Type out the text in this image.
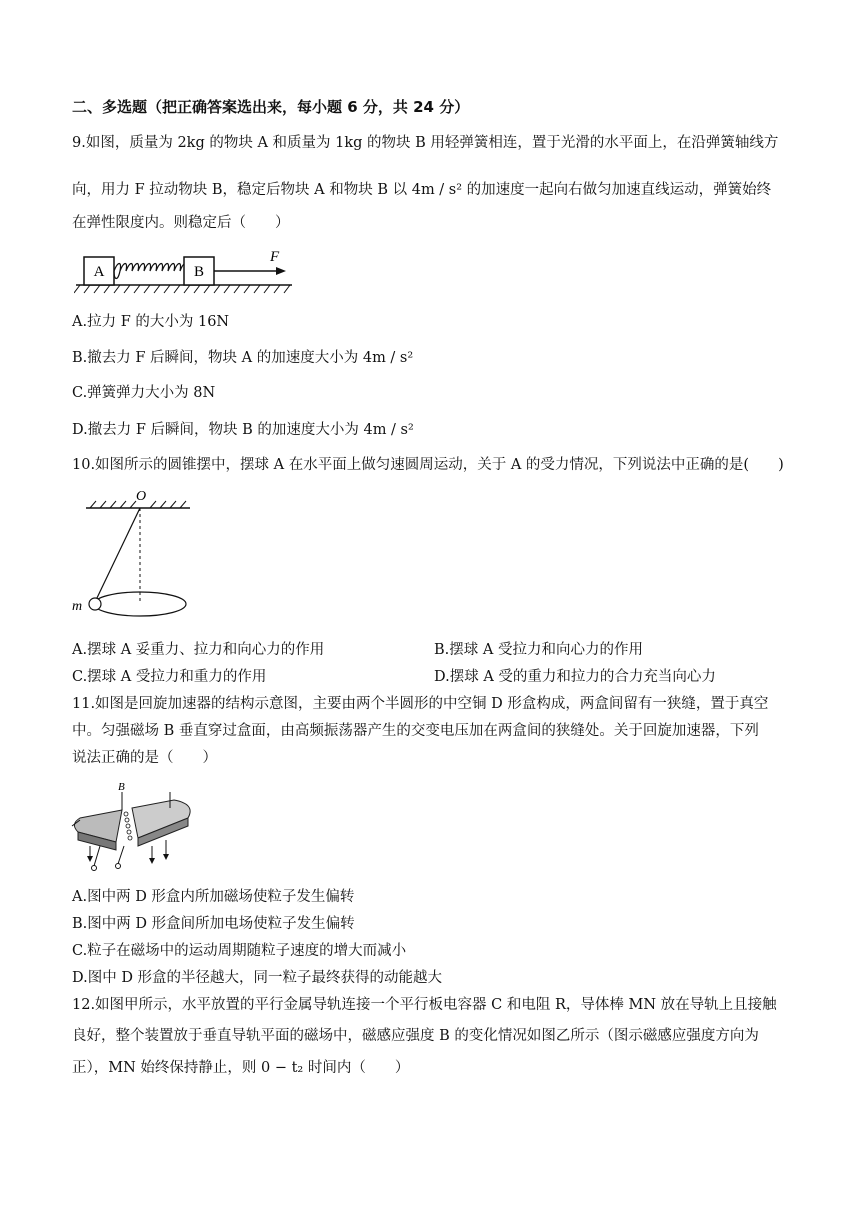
二、多选题（把正确答案选出来，每小题 6 分，共 24 分）
9.如图，质量为 2kg 的物块 A 和质量为 1kg 的物块 B 用轻弹簧相连，置于光滑的水平面上，在沿弹簧轴线方
向，用力 F 拉动物块 B，稳定后物块 A 和物块 B 以 4m / s² 的加速度一起向右做匀加速直线运动，弹簧始终
在弹性限度内。则稳定后（　　）
A	B
F
A.拉力 F 的大小为 16N
B.撤去力 F 后瞬间，物块 A 的加速度大小为 4m / s²
C.弹簧弹力大小为 8N
D.撤去力 F 后瞬间，物块 B 的加速度大小为 4m / s²
10.如图所示的圆锥摆中，摆球 A 在水平面上做匀速圆周运动，关于 A 的受力情况，下列说法中正确的是(　　)
O
m
A.摆球 A 妥重力、拉力和向心力的作用	B.摆球 A 受拉力和向心力的作用
C.摆球 A 受拉力和重力的作用	D.摆球 A 受的重力和拉力的合力充当向心力
11.如图是回旋加速器的结构示意图，主要由两个半圆形的中空铜 D 形盒构成，两盒间留有一狭缝，置于真空
中。匀强磁场 B 垂直穿过盒面，由高频振荡器产生的交变电压加在两盒间的狭缝处。关于回旋加速器，下列
说法正确的是（　　）
B
A.图中两 D 形盒内所加磁场使粒子发生偏转
B.图中两 D 形盒间所加电场使粒子发生偏转
C.粒子在磁场中的运动周期随粒子速度的增大而减小
D.图中 D 形盒的半径越大，同一粒子最终获得的动能越大
12.如图甲所示，水平放置的平行金属导轨连接一个平行板电容器 C 和电阻 R，导体棒 MN 放在导轨上且接触
良好，整个装置放于垂直导轨平面的磁场中，磁感应强度 B 的变化情况如图乙所示（图示磁感应强度方向为
正），MN 始终保持静止，则 0 − t₂ 时间内（　　）
